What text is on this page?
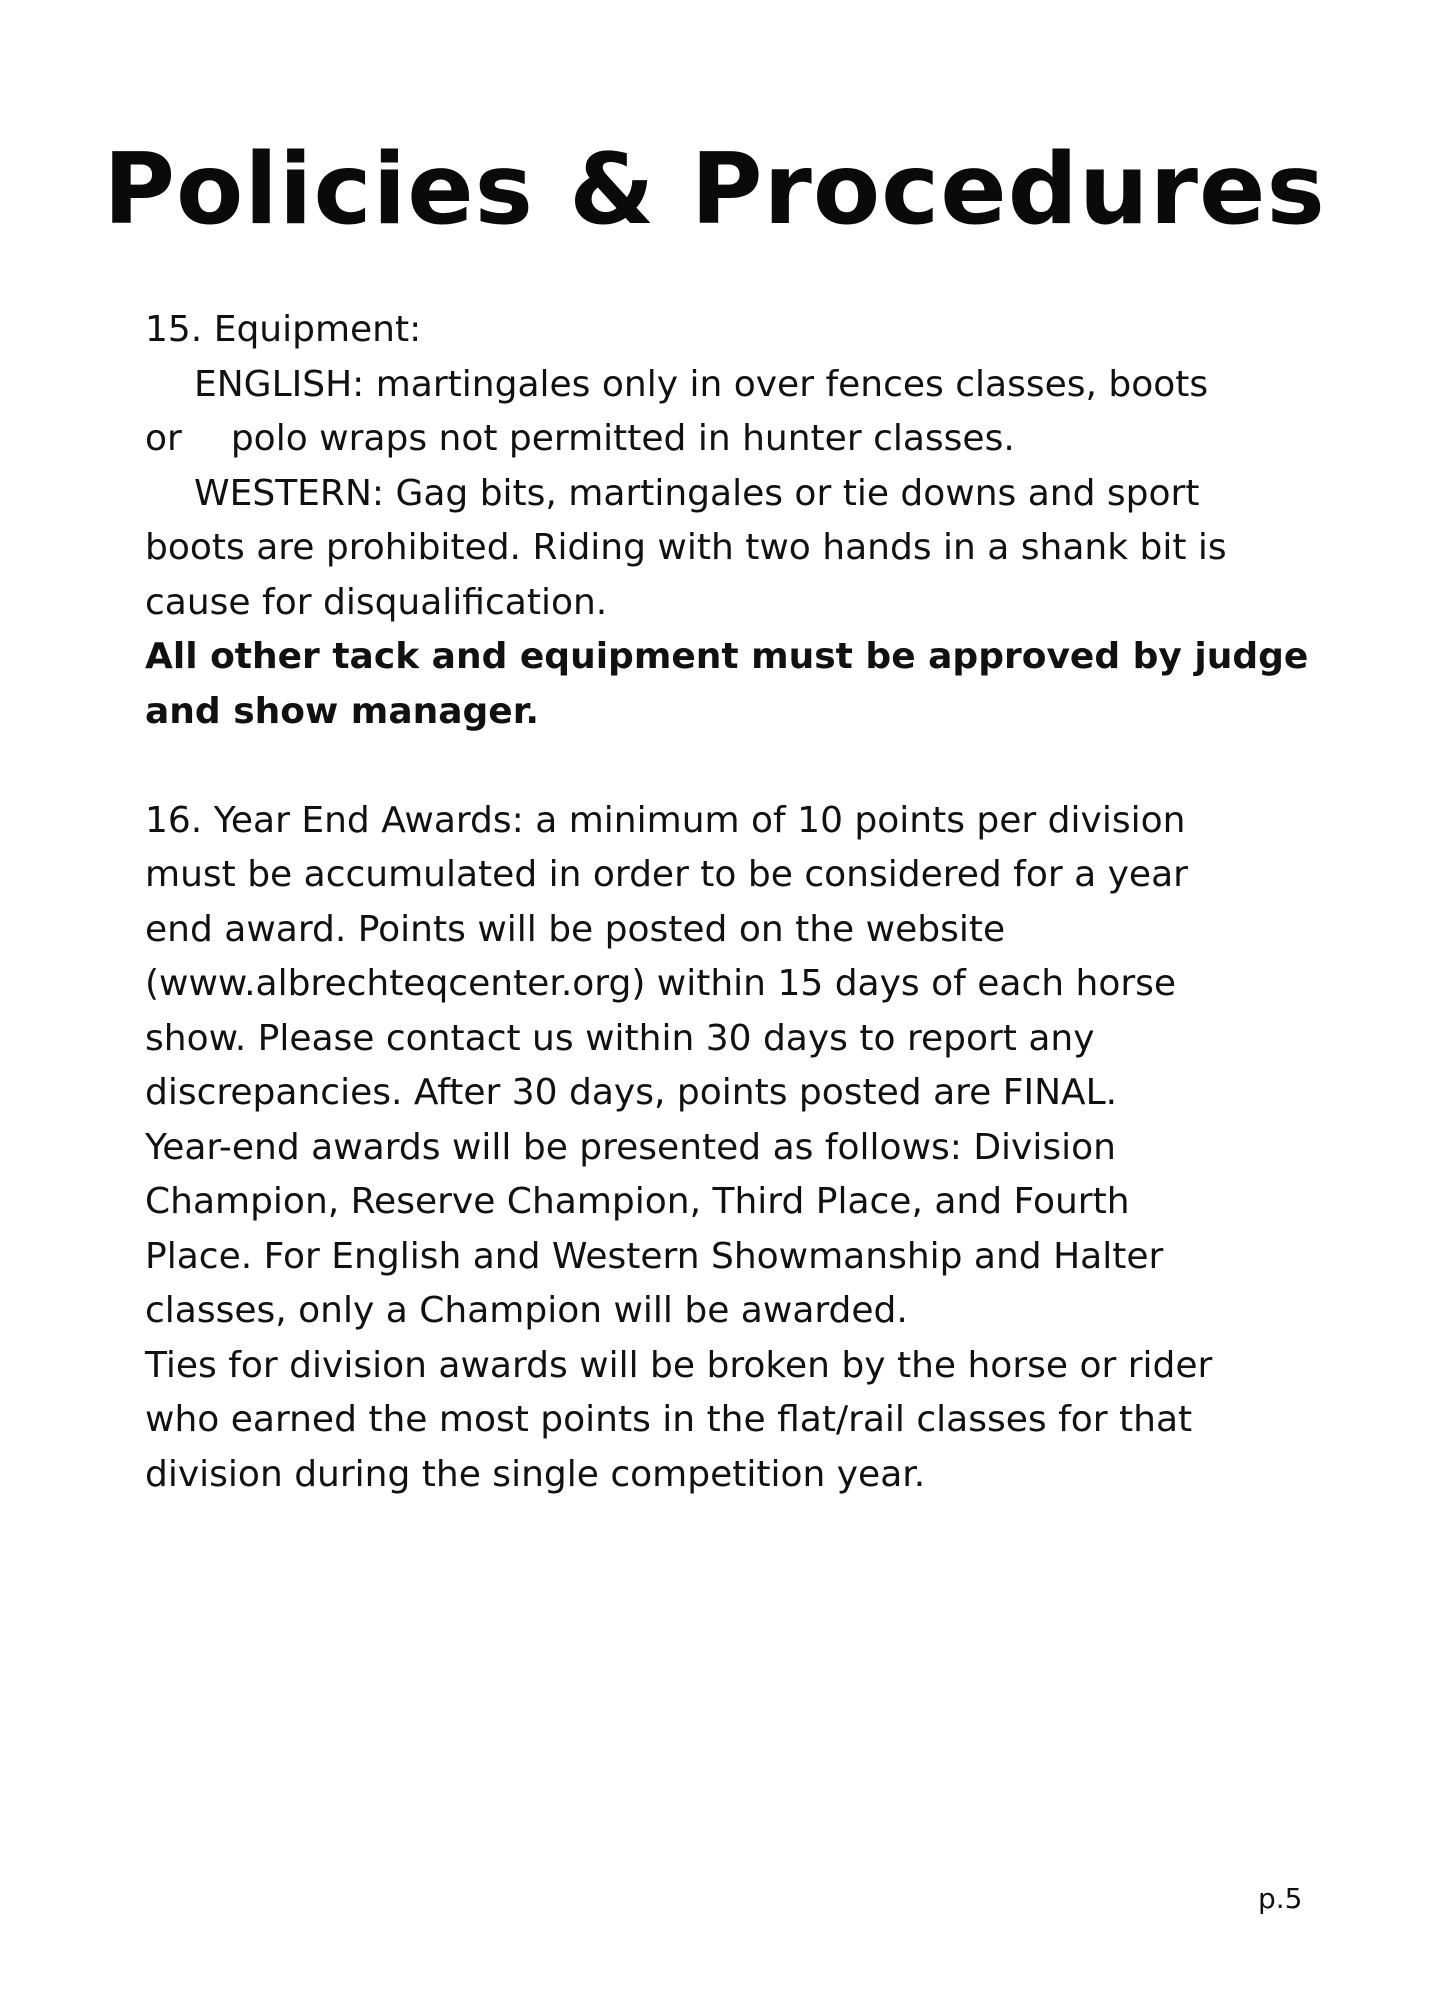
Policies & Procedures
15. Equipment:
ENGLISH: martingales only in over fences classes, boots
or polo wraps not permitted in hunter classes.
WESTERN: Gag bits, martingales or tie downs and sport
boots are prohibited. Riding with two hands in a shank bit is
cause for disqualification.
All other tack and equipment must be approved by judge
and show manager.
16. Year End Awards: a minimum of 10 points per division
must be accumulated in order to be considered for a year
end award. Points will be posted on the website
(www.albrechteqcenter.org) within 15 days of each horse
show. Please contact us within 30 days to report any
discrepancies. After 30 days, points posted are FINAL.
Year-end awards will be presented as follows: Division
Champion, Reserve Champion, Third Place, and Fourth
Place. For English and Western Showmanship and Halter
classes, only a Champion will be awarded.
Ties for division awards will be broken by the horse or rider
who earned the most points in the flat/rail classes for that
division during the single competition year.
p.5
